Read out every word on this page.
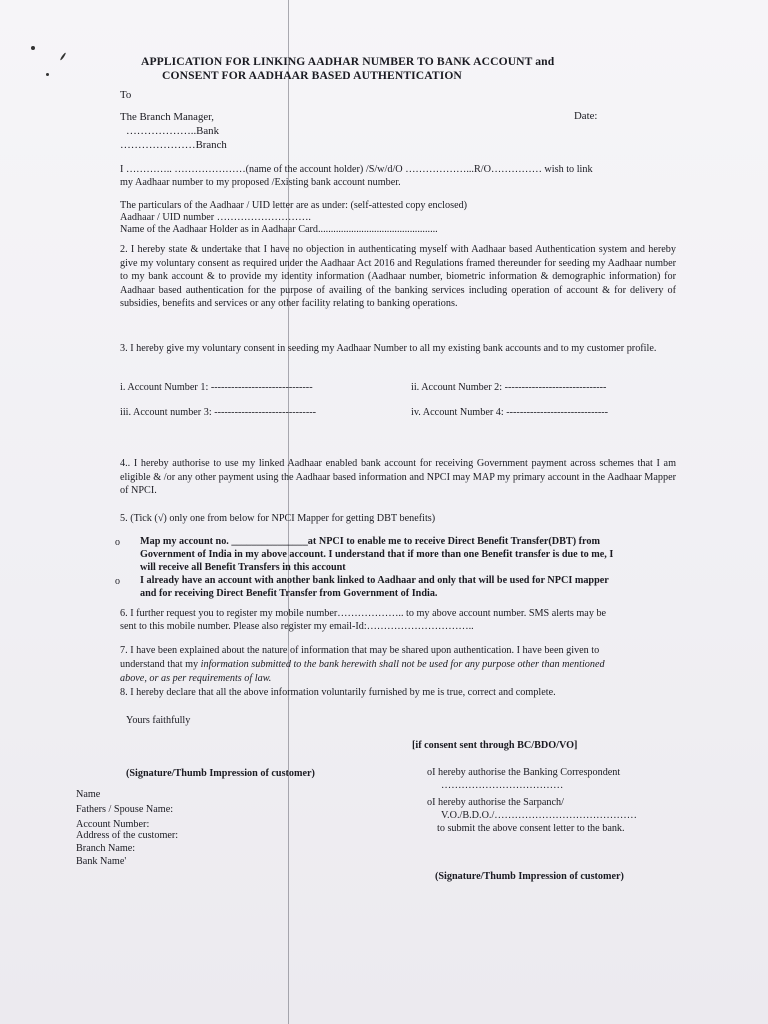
APPLICATION FOR LINKING AADHAR NUMBER TO BANK ACCOUNT and
CONSENT FOR AADHAAR BASED AUTHENTICATION
To
The Branch Manager,
………………..Bank
…………………Branch
Date:
I ………….. …………………(name of the account holder) /S/w/d/O ………………...R/O…………… wish to link
my Aadhaar number to my proposed /Existing bank account number.
The particulars of the Aadhaar / UID letter are as under: (self-attested copy enclosed)
Aadhaar / UID number ……………………….
Name of the Aadhaar Holder as in Aadhaar Card...............................................
2. I hereby state & undertake that I have no objection in authenticating myself with Aadhaar based Authentication system and hereby give my voluntary consent as required under the Aadhaar Act 2016 and Regulations framed thereunder for seeding my Aadhaar number to my bank account & to provide my identity information (Aadhaar number, biometric information & demographic information) for Aadhaar based authentication for the purpose of availing of the banking services including operation of account & for delivery of subsidies, benefits and services or any other facility relating to banking operations.
3. I hereby give my voluntary consent in seeding my Aadhaar Number to all my existing bank accounts and to my customer profile.
i. Account Number 1: ------------------------------	ii. Account Number 2: ------------------------------
iii. Account number 3: ------------------------------	iv. Account Number 4: ------------------------------
4.. I hereby authorise to use my linked Aadhaar enabled bank account for receiving Government payment across schemes that I am eligible & /or any other payment using the Aadhaar based information and NPCI may MAP my primary account in the Aadhaar Mapper of NPCI.
5. (Tick (√) only one from below for NPCI Mapper for getting DBT benefits)
o Map my account no. _______________at NPCI to enable me to receive Direct Benefit Transfer(DBT) from
Government of India in my above account. I understand that if more than one Benefit transfer is due to me, I
will receive all Benefit Transfers in this account
o I already have an account with another bank linked to Aadhaar and only that will be used for NPCI mapper
and for receiving Direct Benefit Transfer from Government of India.
6. I further request you to register my mobile number……………….. to my above account number. SMS alerts may be
sent to this mobile number. Please also register my email-Id:…………………………..
7. I have been explained about the nature of information that may be shared upon authentication. I have been given to
understand that my information submitted to the bank herewith shall not be used for any purpose other than mentioned
above, or as per requirements of law.
8. I hereby declare that all the above information voluntarily furnished by me is true, correct and complete.
Yours faithfully
[if consent sent through BC/BDO/VO]
(Signature/Thumb Impression of customer)	oI hereby authorise the Banking Correspondent
………………………………
oI hereby authorise the Sarpanch/
V.O./B.D.O./……………………………………
to submit the above consent letter to the bank.
Name
Fathers / Spouse Name:
Account Number:
Address of the customer:
Branch Name:
Bank Name'
(Signature/Thumb Impression of customer)
